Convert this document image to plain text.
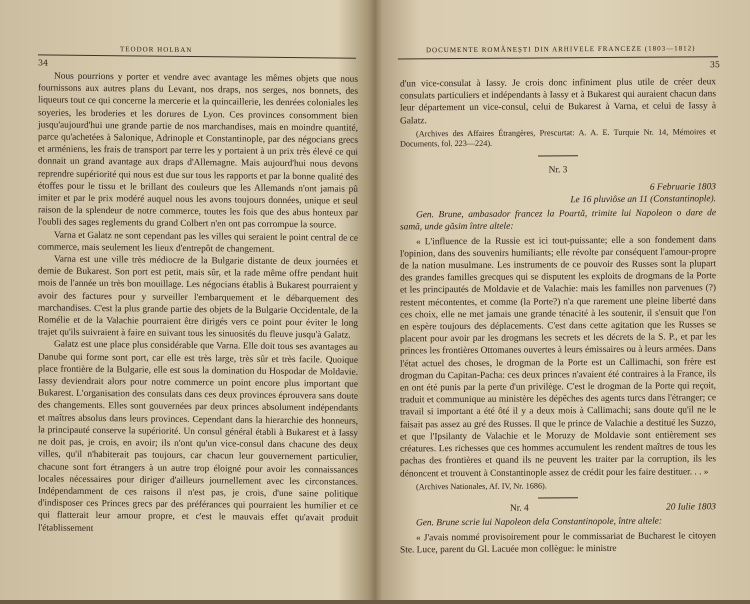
TEODOR HOLBAN
34

Nous pourrions y porter et vendre avec avantage les mêmes objets que nous fournissons aux autres plans du Levant, nos draps, nos serges, nos bonnets, des liqueurs tout ce qui concerne la mercerie et la quincaillerie, les denrées coloniales les soyeries, les broderies et les dorures de Lyon. Ces provinces consomment bien jusqu'aujourd'hui une grande partie de nos marchandises, mais en moindre quantité, parce qu'achetées à Salonique, Adrinople et Constantinople, par des négocians grecs et arméniens, les frais de transport par terre les y portaient à un prix très élevé ce qui donnait un grand avantage aux draps d'Allemagne. Mais aujourd'hui nous devons reprendre supériorité qui nous est due sur tous les rapports et par la bonne qualité des étoffes pour le tissu et le brillant des couleurs que les Allemands n'ont jamais pû imiter et par le prix modéré auquel nous les avons toujours données, unique et seul raison de la splendeur de notre commerce, toutes les fois que des abus honteux par l'oubli des sages reglements du grand Colbert n'en ont pas corrompue la source.

Varna et Galatz ne sont cependant pas les villes qui seraient le point central de ce commerce, mais seulement les lieux d'entrepôt de changement.

Varna est une ville très médiocre de la Bulgarie distante de deux journées et demie de Bukarest. Son port est petit, mais sûr, et la rade même offre pendant huit mois de l'année un très bon mouillage. Les négocians établis à Bukarest pourraient y avoir des factures pour y surveiller l'embarquement et le débarquement des marchandises. C'est la plus grande partie des objets de la Bulgarie Occidentale, de la Romélie et de la Valachie pourraient être dirigés vers ce point pour éviter le long trajet qu'ils suivraient à faire en suivant tous les sinuosités du fleuve jusqu'à Galatz.

Galatz est une place plus considérable que Varna. Elle doit tous ses avantages au Danube qui forme sont port, car elle est très large, très sûr et très facile. Quoique place frontière de la Bulgarie, elle est sous la domination du Hospodar de Moldavie. Iassy deviendrait alors pour notre commerce un point encore plus important que Bukarest. L'organisation des consulats dans ces deux provinces éprouvera sans doute des changements. Elles sont gouvernées par deux princes absolument indépendants et maîtres absolus dans leurs provinces. Cependant dans la hierarchie des honneurs, la principauté conserve la supériorité. Un consul général établi à Bukarest et à Iassy ne doit pas, je crois, en avoir; ils n'ont qu'un vice-consul dans chacune des deux villes, qu'il n'habiterait pas toujours, car chacun leur gouvernement particulier, chacune sont fort étrangers à un autre trop éloigné pour avoir les connaissances locales nécessaires pour diriger d'ailleurs journellement avec les circonstances. Indépendamment de ces raisons il n'est pas, je crois, d'une saine politique d'indisposer ces Princes grecs par des préférances qui pourraient les humilier et ce qui flatterait leur amour propre, et c'est le mauvais effet qu'avait produit l'établissement

DOCUMENTE ROMÂNEȘTI DIN ARHIVELE FRANCEZE (1803—1812)
35

d'un vice-consulat à Iassy. Je crois donc infiniment plus utile de créer deux consulats particuliers et indépendants à Iassy et à Bukarest qui auraient chacun dans leur département un vice-consul, celui de Bukarest à Varna, et celui de Iassy à Galatz.

(Archives des Affaires Étrangères, Prescurtat: A. A. E. Turquie Nr. 14, Mémoires et Documents, fol. 223—224).

Nr. 3

6 Februarie 1803

Le 16 pluviôse an 11 (Constantinople).

Gen. Brune, ambasador francez la Poartă, trimite lui Napoleon o dare de samă, unde găsim între altele:

« L'influence de la Russie est ici tout-puissante; elle a son fondement dans l'opinion, dans des souvenirs humiliants; elle révolte par conséquent l'amour-propre de la nation musulmane. Les instruments de ce pouvoir des Russes sont la plupart des grandes familles grecques qui se disputent les exploits de drogmans de la Porte et les principautés de Moldavie et de Valachie: mais les familles non parvenues (?) restent mécontentes, et comme (la Porte?) n'a que rarement une pleine liberté dans ces choix, elle ne met jamais une grande ténacité à les soutenir, il s'ensuit que l'on en espère toujours des déplacements. C'est dans cette agitation que les Russes se placent pour avoir par les drogmans les secrets et les décrets de la S. P., et par les princes les frontières Ottomanes ouvertes à leurs émissaires ou à leurs armées. Dans l'état actuel des choses, le drogman de la Porte est un Callimachi, son frère est drogman du Capitan-Pacha: ces deux princes n'avaient été contraires à la France, ils en ont été punis par la perte d'un privilège. C'est le drogman de la Porte qui reçoit, traduit et communique au ministère les dépêches des agents turcs dans l'étranger; ce travail si important a été ôté il y a deux mois à Callimachi; sans doute qu'il ne le faisait pas assez au gré des Russes. Il que le prince de Valachie a destitué les Suzzo, et que l'Ipsilanty de Valachie et le Moruzy de Moldavie sont entièrement ses créatures. Les richesses que ces hommes accumulent les rendent maîtres de tous les pachas des frontières et quand ils ne peuvent les traiter par la corruption, ils les dénoncent et trouvent à Constantinople assez de crédit pour les faire destituer. . . »

(Archives Nationales, Af. IV, Nr. 1686).

Nr. 4	20 Iulie 1803

Gen. Brune scrie lui Napoleon dela Constantinopole, între altele:

« J'avais nommé provisoirement pour le commissariat de Bucharest le citoyen Ste. Luce, parent du Gl. Lacuée mon collègue: le ministre
